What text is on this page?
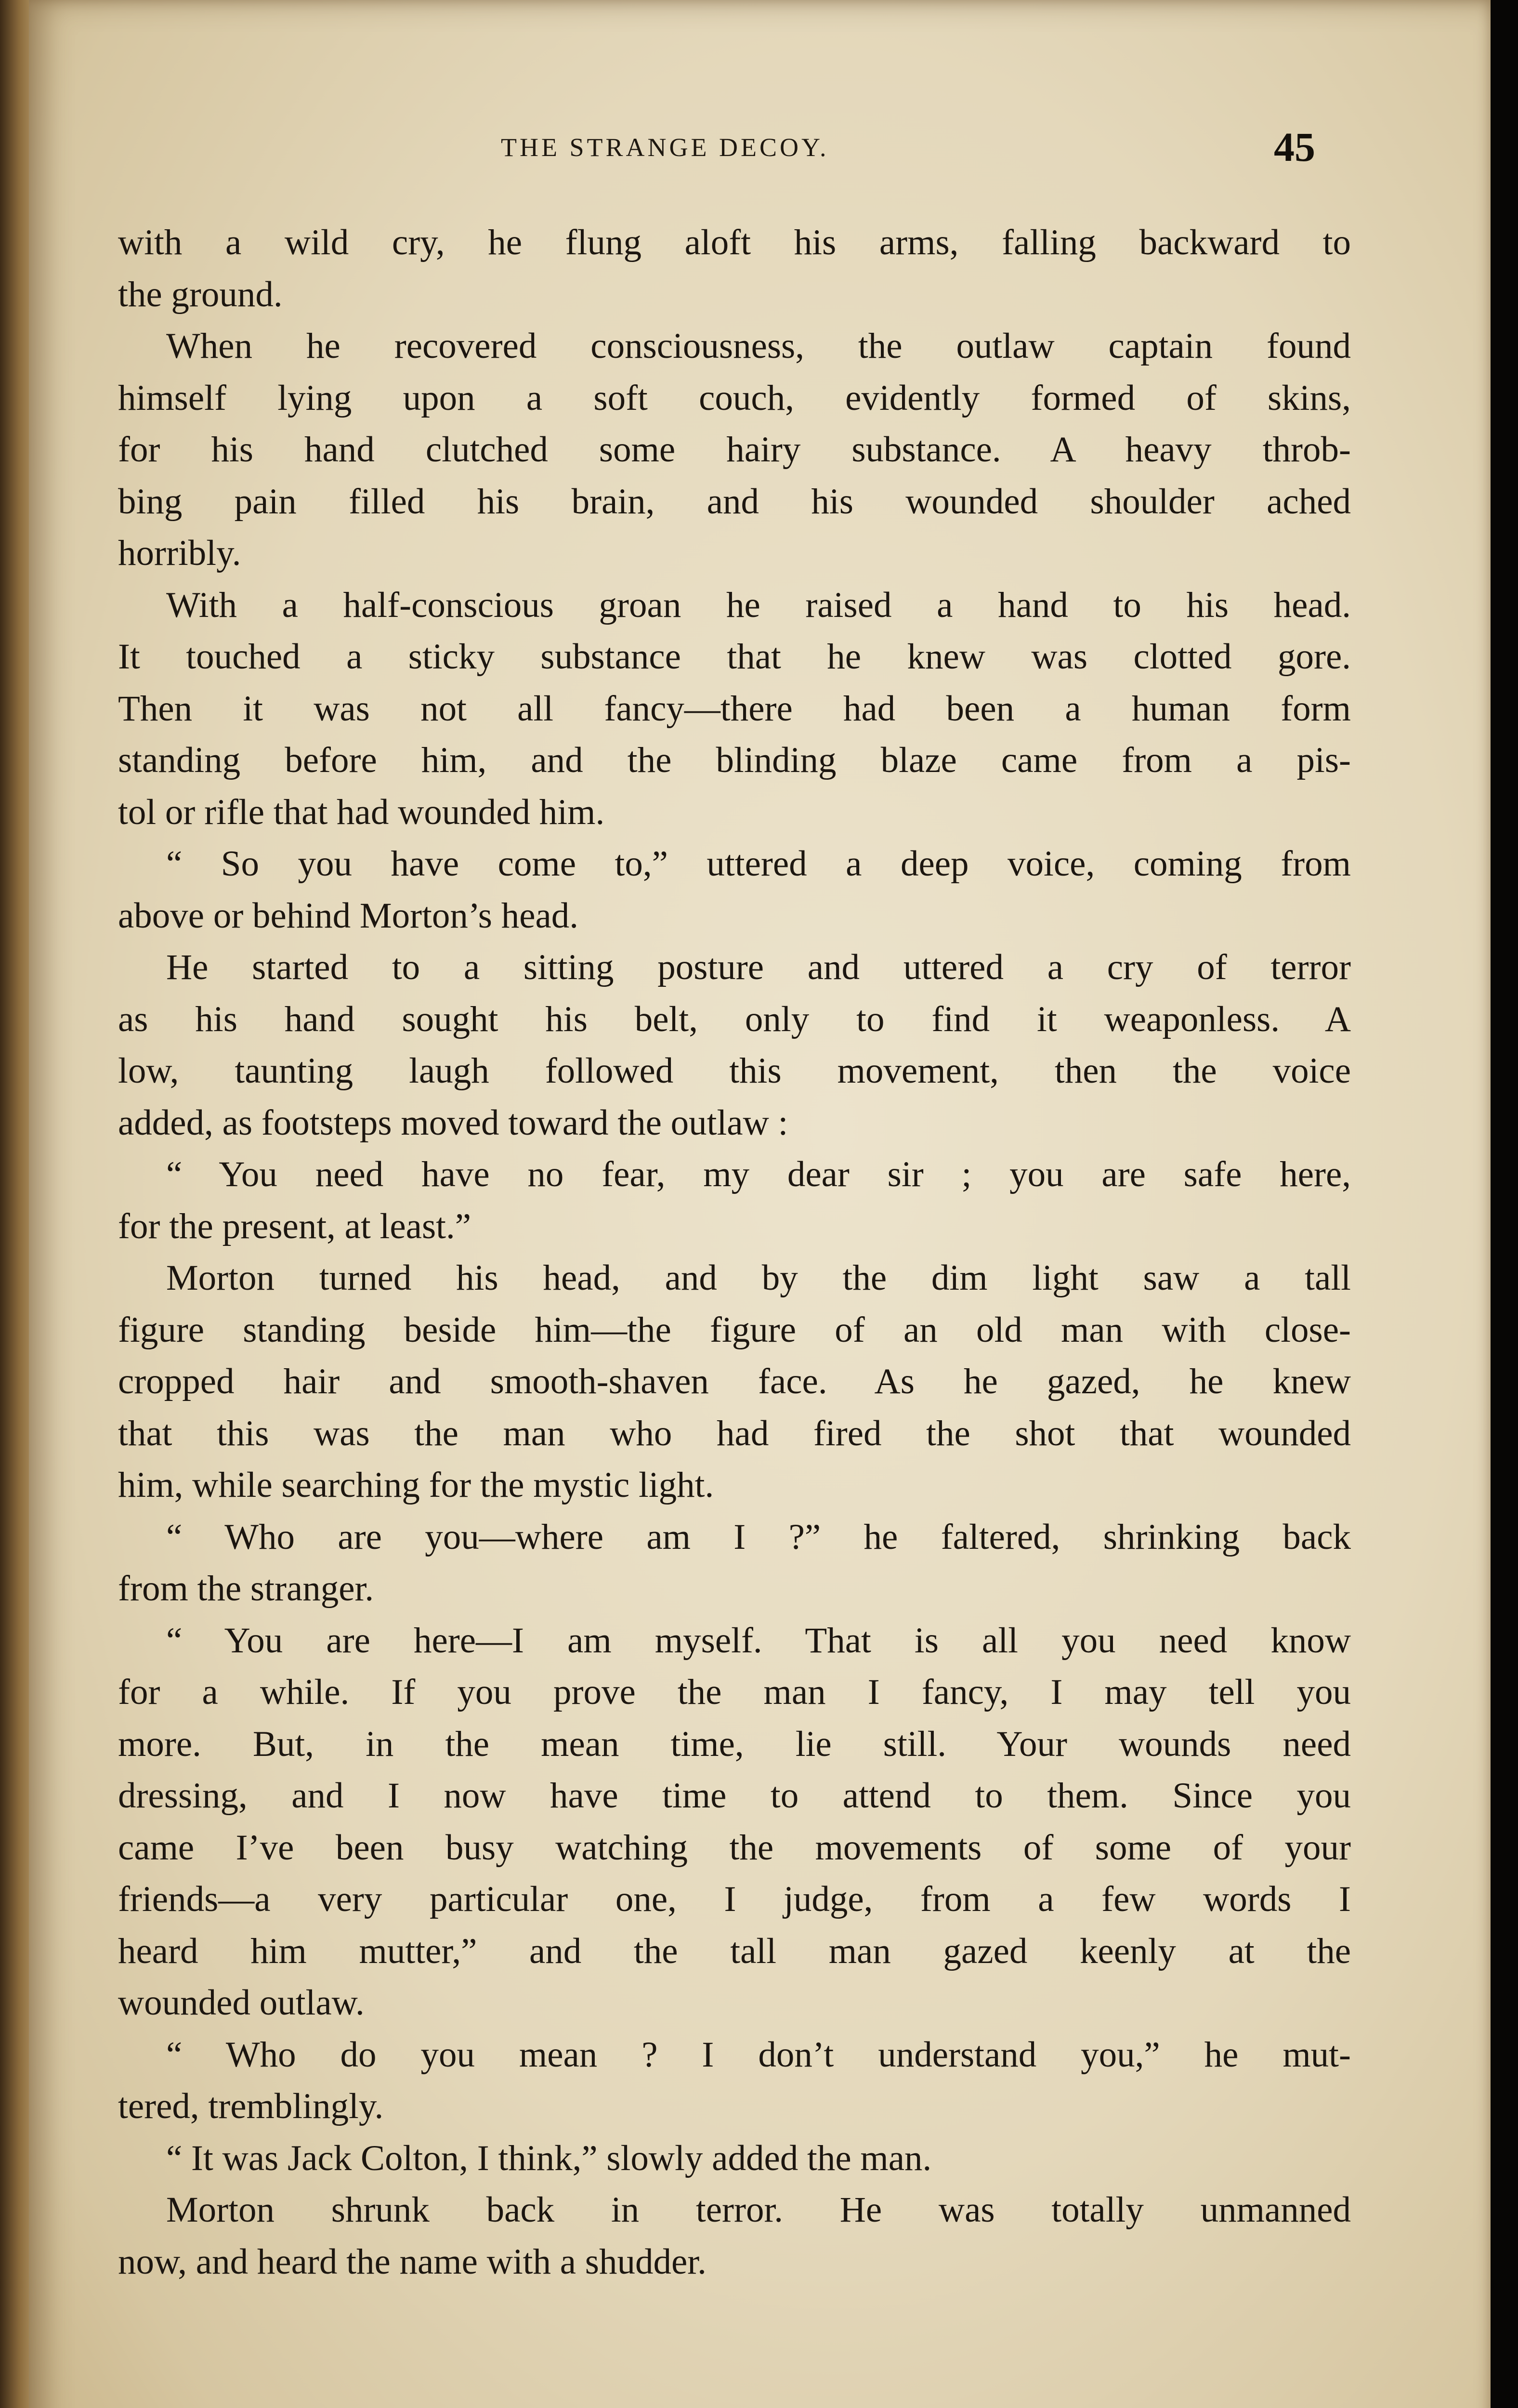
THE STRANGE DECOY.	45
with a wild cry, he flung aloft his arms, falling backward to
the ground.
When he recovered consciousness, the outlaw captain found
himself lying upon a soft couch, evidently formed of skins,
for his hand clutched some hairy substance. A heavy throb-
bing pain filled his brain, and his wounded shoulder ached
horribly.
With a half-conscious groan he raised a hand to his head.
It touched a sticky substance that he knew was clotted gore.
Then it was not all fancy—there had been a human form
standing before him, and the blinding blaze came from a pis-
tol or rifle that had wounded him.
“ So you have come to,” uttered a deep voice, coming from
above or behind Morton’s head.
He started to a sitting posture and uttered a cry of terror
as his hand sought his belt, only to find it weaponless. A
low, taunting laugh followed this movement, then the voice
added, as footsteps moved toward the outlaw :
“ You need have no fear, my dear sir ; you are safe here,
for the present, at least.”
Morton turned his head, and by the dim light saw a tall
figure standing beside him—the figure of an old man with close-
cropped hair and smooth-shaven face. As he gazed, he knew
that this was the man who had fired the shot that wounded
him, while searching for the mystic light.
“ Who are you—where am I ?” he faltered, shrinking back
from the stranger.
“ You are here—I am myself. That is all you need know
for a while. If you prove the man I fancy, I may tell you
more. But, in the mean time, lie still. Your wounds need
dressing, and I now have time to attend to them. Since you
came I’ve been busy watching the movements of some of your
friends—a very particular one, I judge, from a few words I
heard him mutter,” and the tall man gazed keenly at the
wounded outlaw.
“ Who do you mean ? I don’t understand you,” he mut-
tered, tremblingly.
“ It was Jack Colton, I think,” slowly added the man.
Morton shrunk back in terror. He was totally unmanned
now, and heard the name with a shudder.
